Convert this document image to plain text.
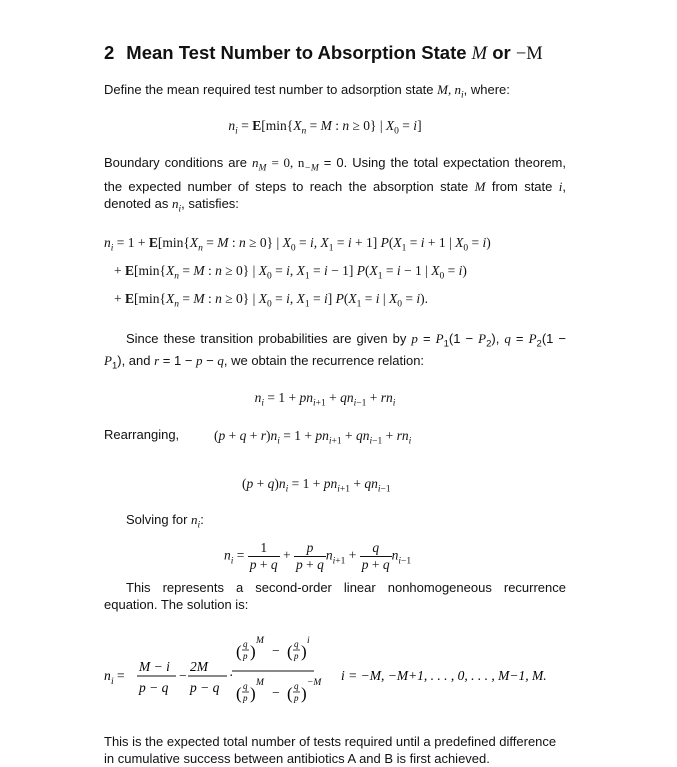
2 Mean Test Number to Absorption State M or −M

Define the mean required test number to adsorption state M, $n_i$, where:

$n_i = E[\min\{X_n = M$ : n ≥ 0} | $X_0 = i$]

Boundary conditions are $n_M = 0$, $n_{-M} = 0$. Using the total expectation theorem, the expected number of steps to reach the absorption state M from state i, denoted as $n_i$, satisfies:

$n_i = 1 + E[\min\{X_n = M$ : n ≥ 0} | $X_0 = i$, $X_1 = i + 1$] $P(X_1 = i + 1$ | $X_0 = i$)
+ $E[\min\{X_n = M$ : n ≥ 0} | $X_0 = i$, $X_1 = i - 1$] $P(X_1 = i - 1$ | $X_0 = i$)
+ $E[\min\{X_n = M$ : n ≥ 0} | $X_0 = i$, $X_1 = i$] $P(X_1 = i$ | $X_0 = i$).

Since these transition probabilities are given by $p = P_1(1 - P_2)$, $q = P_2(1 - P_1)$, and r = 1 − p − q, we obtain the recurrence relation:

$n_i = 1 + pn_{i+1} + qn_{i-1} + rn_i$

Rearranging,	$(p + q + r)n_i = 1 + pn_{i+1} + qn_{i-1} + rn_i$
$(p + q)n_i = 1 + pn_{i+1} + qn_{i-1}$

Solving for $n_i$:

$n_i = \frac{1}{p + q} + \frac{p}{p + q} n_{i+1} + \frac{q}{p + q} n_{i-1}$

This represents a second-order linear nonhomogeneous recurrence equation. The solution is:

n i =
M − i
p − q
−
2M
p − q
·
( q
p )
M
− ( q
p )
i
( q
p )
M
− ( q
p )
−M i = −M, −M+1, . . . , 0, . . . , M−1, M.

This is the expected total number of tests required until a predefined difference in cumulative success between antibiotics A and B is first achieved.
